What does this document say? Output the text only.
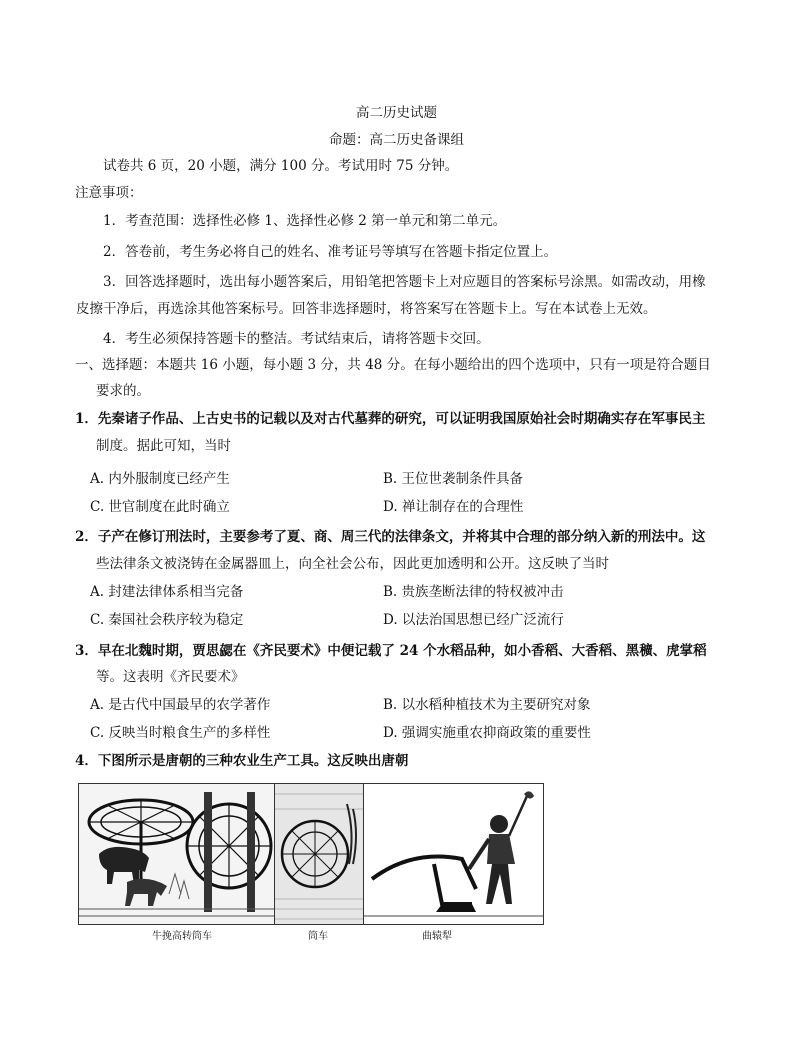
高二历史试题
命题：高二历史备课组
试卷共 6 页，20 小题，满分 100 分。考试用时 75 分钟。
注意事项：
1．考查范围：选择性必修 1、选择性必修 2 第一单元和第二单元。
2．答卷前，考生务必将自己的姓名、准考证号等填写在答题卡指定位置上。
3．回答选择题时，选出每小题答案后，用铅笔把答题卡上对应题目的答案标号涂黑。如需改动，用橡
皮擦干净后，再选涂其他答案标号。回答非选择题时，将答案写在答题卡上。写在本试卷上无效。
4．考生必须保持答题卡的整洁。考试结束后，请将答题卡交回。
一、选择题：本题共 16 小题，每小题 3 分，共 48 分。在每小题给出的四个选项中，只有一项是符合题目
要求的。
1．先秦诸子作品、上古史书的记载以及对古代墓葬的研究，可以证明我国原始社会时期确实存在军事民主
制度。据此可知，当时
A. 内外服制度已经产生	B. 王位世袭制条件具备
C. 世官制度在此时确立	D. 禅让制存在的合理性
2．子产在修订刑法时，主要参考了夏、商、周三代的法律条文，并将其中合理的部分纳入新的刑法中。这
些法律条文被浇铸在金属器皿上，向全社会公布，因此更加透明和公开。这反映了当时
A. 封建法律体系相当完备	B. 贵族垄断法律的特权被冲击
C. 秦国社会秩序较为稳定	D. 以法治国思想已经广泛流行
3．早在北魏时期，贾思勰在《齐民要术》中便记载了 24 个水稻品种，如小香稻、大香稻、黑穬、虎掌稻
等。这表明《齐民要术》
A. 是古代中国最早的农学著作	B. 以水稻种植技术为主要研究对象
C. 反映当时粮食生产的多样性	D. 强调实施重农抑商政策的重要性
4．下图所示是唐朝的三种农业生产工具。这反映出唐朝
牛挽高转筒车	筒车	曲辕犁
